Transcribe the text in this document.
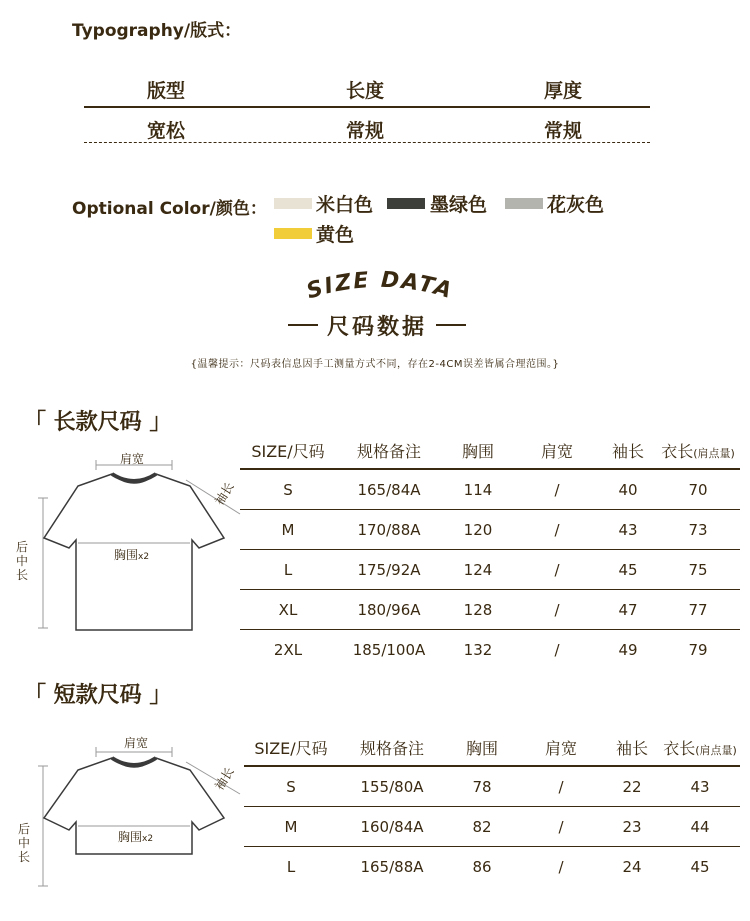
Typography/版式：
版型	长度	厚度
宽松	常规	常规
Optional Color/颜色：	米白色	墨绿色	花灰色
黄色
SIZE DATA
尺码数据
{温馨提示：尺码表信息因手工测量方式不同，存在2-4CM误差皆属合理范围。}
「 长款尺码 」
肩宽
袖长
胸围x2
后中长
SIZE/尺码	规格备注	胸围	肩宽	袖长	衣长(肩点量)
S	165/84A	114	/	40	70
M	170/88A	120	/	43	73
L	175/92A	124	/	45	75
XL	180/96A	128	/	47	77
2XL	185/100A	132	/	49	79
「 短款尺码 」
肩宽
袖长
胸围x2
后中长
SIZE/尺码	规格备注	胸围	肩宽	袖长	衣长(肩点量)
S	155/80A	78	/	22	43
M	160/84A	82	/	23	44
L	165/88A	86	/	24	45
